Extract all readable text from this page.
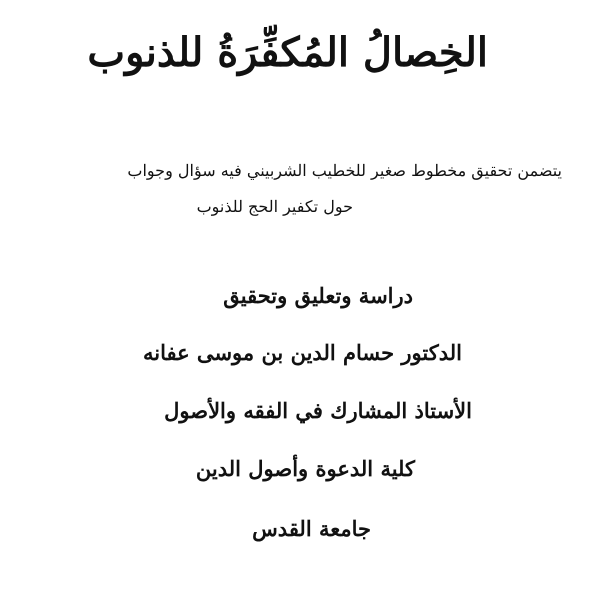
الخِصالُ المُكفِّرَةُ للذنوب

يتضمن تحقيق مخطوط صغير للخطيب الشربيني فيه سؤال وجواب

حول تكفير الحج للذنوب

دراسة وتعليق وتحقيق

الدكتور حسام الدين بن موسى عفانه

الأستاذ المشارك في الفقه والأصول

كلية الدعوة وأصول الدين

جامعة القدس
